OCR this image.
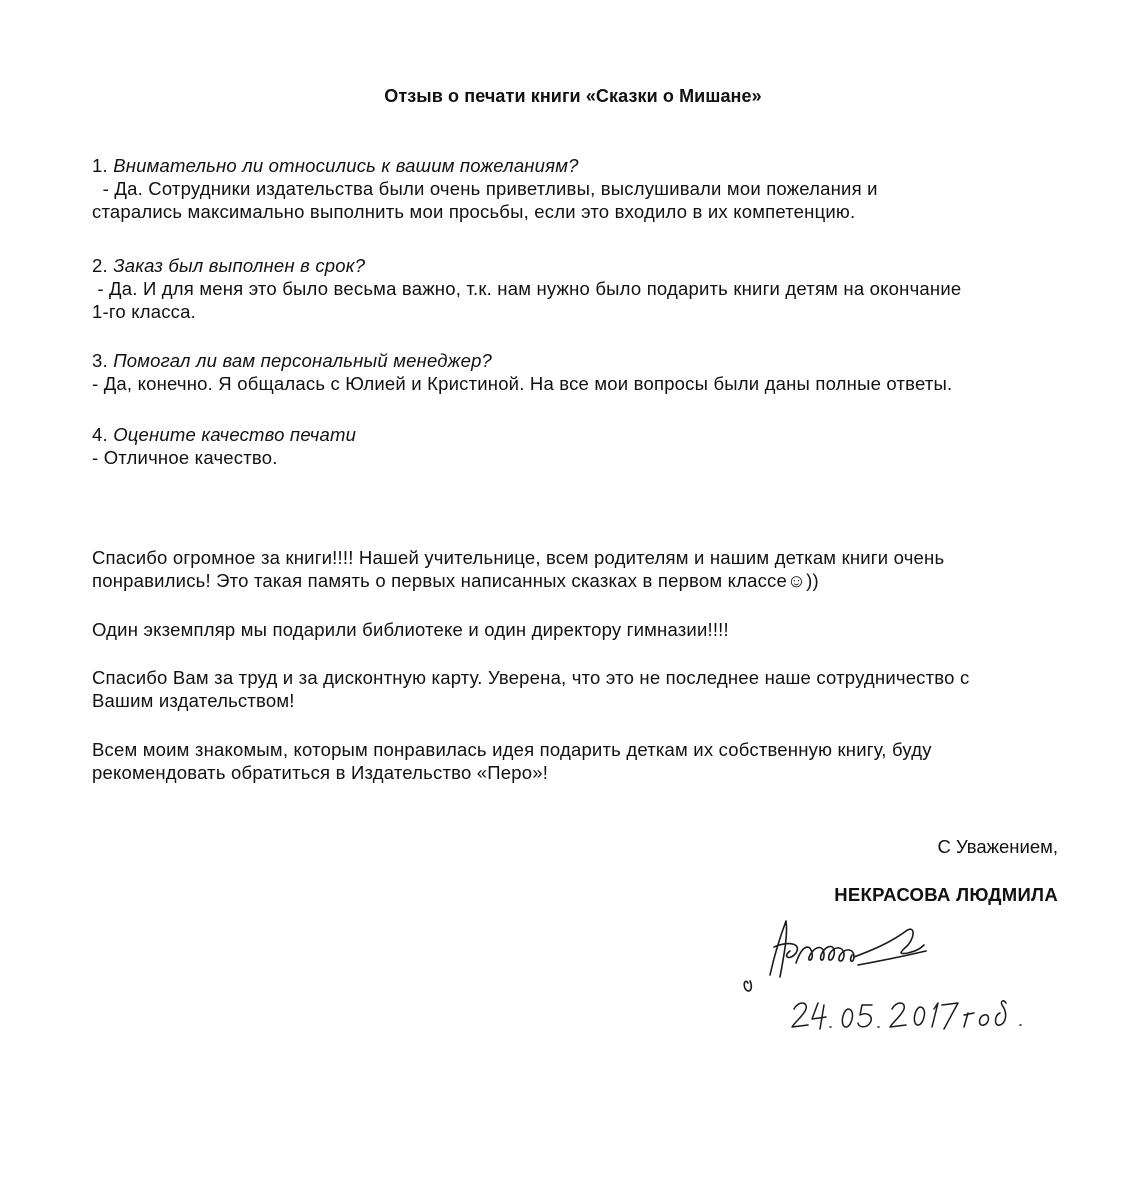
Отзыв о печати книги «Сказки о Мишане»
1. Внимательно ли относились к вашим пожеланиям?
- Да. Сотрудники издательства были очень приветливы, выслушивали мои пожелания и
старались максимально выполнить мои просьбы, если это входило в их компетенцию.
2. Заказ был выполнен в срок?
- Да. И для меня это было весьма важно, т.к. нам нужно было подарить книги детям на окончание
1-го класса.
3. Помогал ли вам персональный менеджер?
- Да, конечно. Я общалась с Юлией и Кристиной. На все мои вопросы были даны полные ответы.
4. Оцените качество печати
- Отличное качество.
Спасибо огромное за книги!!!! Нашей учительнице, всем родителям и нашим деткам книги очень
понравились! Это такая память о первых написанных сказках в первом классе☺))
Один экземпляр мы подарили библиотеке и один директору гимназии!!!!
Спасибо Вам за труд и за дисконтную карту. Уверена, что это не последнее наше сотрудничество с
Вашим издательством!
Всем моим знакомым, которым понравилась идея подарить деткам их собственную книгу, буду
рекомендовать обратиться в Издательство «Перо»!
С Уважением,
НЕКРАСОВА ЛЮДМИЛА
